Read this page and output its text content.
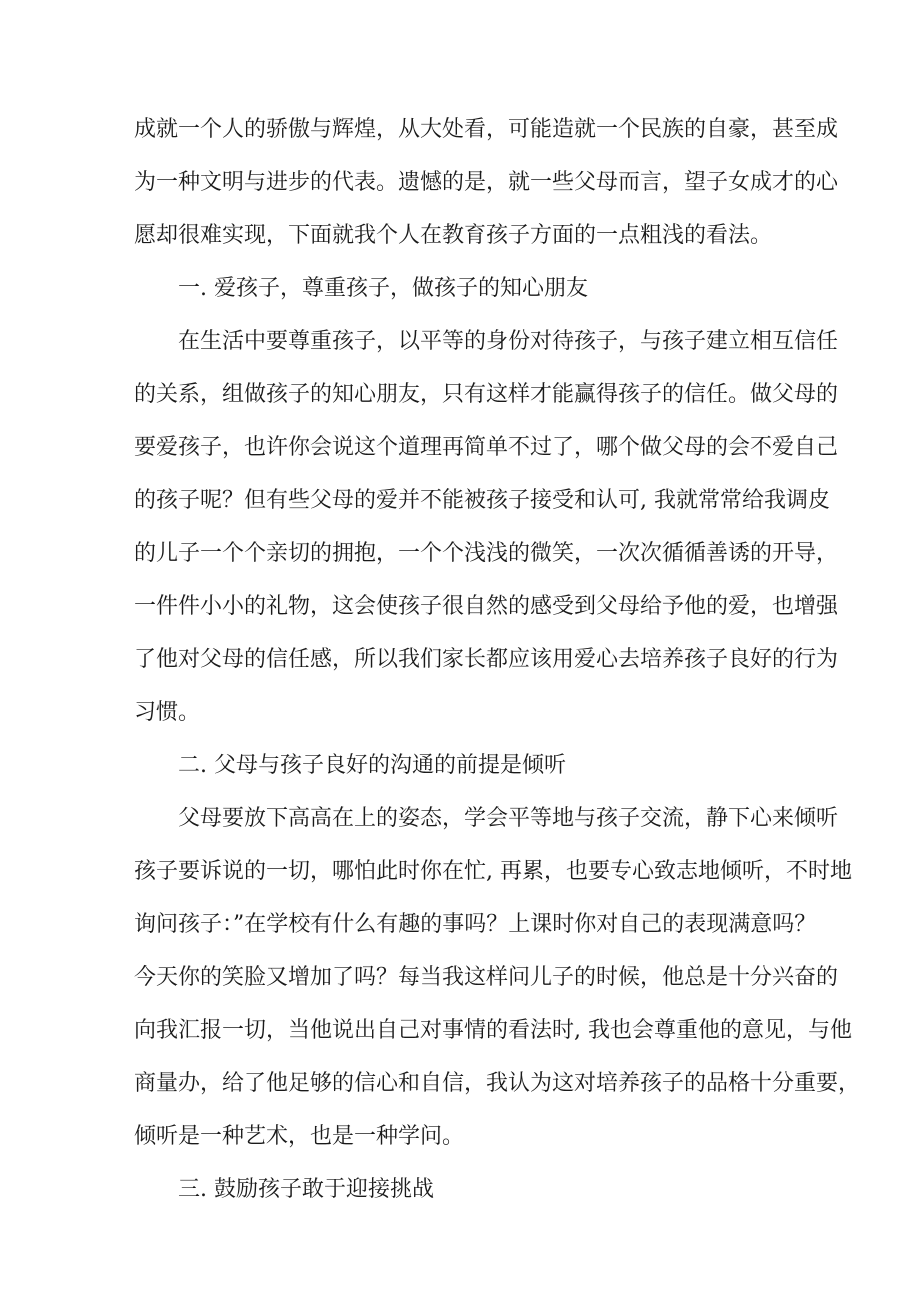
成就一个人的骄傲与辉煌，从大处看，可能造就一个民族的自豪，甚至成
为一种文明与进步的代表。遗憾的是，就一些父母而言，望子女成才的心
愿却很难实现，下面就我个人在教育孩子方面的一点粗浅的看法。
一. 爱孩子，尊重孩子，做孩子的知心朋友
在生活中要尊重孩子，以平等的身份对待孩子，与孩子建立相互信任
的关系，组做孩子的知心朋友，只有这样才能赢得孩子的信任。做父母的
要爱孩子，也许你会说这个道理再简单不过了，哪个做父母的会不爱自己
的孩子呢？但有些父母的爱并不能被孩子接受和认可, 我就常常给我调皮
的儿子一个个亲切的拥抱，一个个浅浅的微笑，一次次循循善诱的开导，
一件件小小的礼物，这会使孩子很自然的感受到父母给予他的爱，也增强
了他对父母的信任感，所以我们家长都应该用爱心去培养孩子良好的行为
习惯。
二. 父母与孩子良好的沟通的前提是倾听
父母要放下高高在上的姿态，学会平等地与孩子交流，静下心来倾听
孩子要诉说的一切，哪怕此时你在忙, 再累，也要专心致志地倾听，不时地
询问孩子：”在学校有什么有趣的事吗？上课时你对自己的表现满意吗？
今天你的笑脸又增加了吗？每当我这样问儿子的时候，他总是十分兴奋的
向我汇报一切，当他说出自己对事情的看法时, 我也会尊重他的意见，与他
商量办，给了他足够的信心和自信，我认为这对培养孩子的品格十分重要，
倾听是一种艺术，也是一种学问。
三. 鼓励孩子敢于迎接挑战
